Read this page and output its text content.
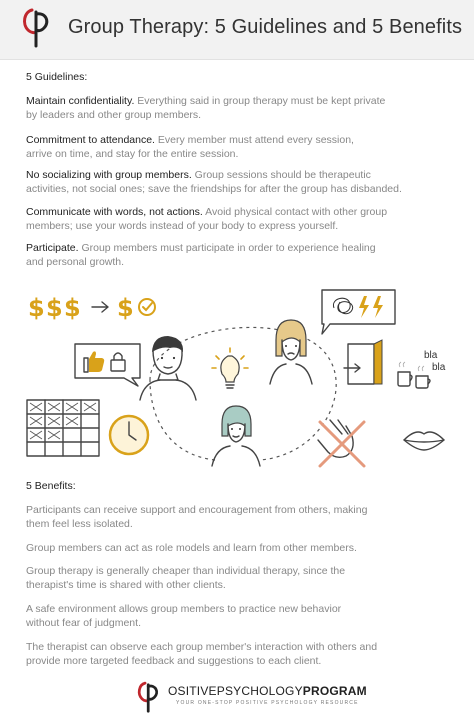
Group Therapy: 5 Guidelines and 5 Benefits
5 Guidelines:
Maintain confidentiality. Everything said in group therapy must be kept private
by leaders and other group members.
Commitment to attendance. Every member must attend every session,
arrive on time, and stay for the entire session.
No socializing with group members. Group sessions should be therapeutic
activities, not social ones; save the friendships for after the group has disbanded.
Communicate with words, not actions. Avoid physical contact with other group
members; use your words instead of your body to express yourself.
Participate. Group members must participate in order to experience healing
and personal growth.
$ $ $ $
bla
bla
5 Benefits:
Participants can receive support and encouragement from others, making
them feel less isolated.
Group members can act as role models and learn from other members.
Group therapy is generally cheaper than individual therapy, since the
therapist's time is shared with other clients.
A safe environment allows group members to practice new behavior
without fear of judgment.
The therapist can observe each group member's interaction with others and
provide more targeted feedback and suggestions to each client.
OSITIVEPSYCHOLOGYPROGRAM
YOUR ONE-STOP POSITIVE PSYCHOLOGY RESOURCE
